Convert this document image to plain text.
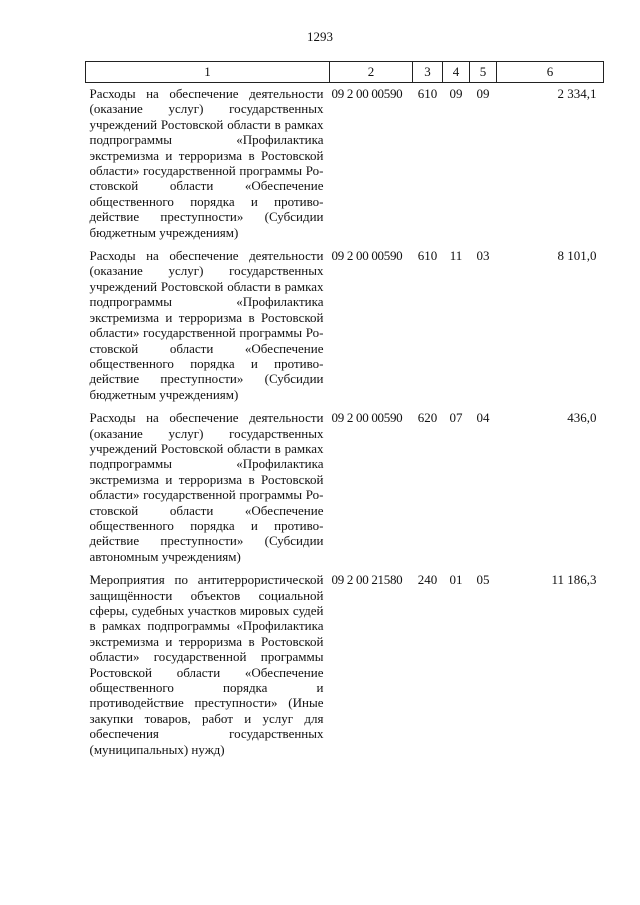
1293
1	2	3	4	5	6
Расходы на обеспечение деятельности (оказание услуг) государственных учреждений Ростовской области в рамках подпрограммы «Профилактика экстремизма и терроризма в Ростовской области» государственной программы Ростовской области «Обеспечение общественного порядка и противодействие преступности» (Субсидии бюджетным учреждениям)	09 2 00 00590	610	09	09	2 334,1
Расходы на обеспечение деятельности (оказание услуг) государственных учреждений Ростовской области в рамках подпрограммы «Профилактика экстремизма и терроризма в Ростовской области» государственной программы Ростовской области «Обеспечение общественного порядка и противодействие преступности» (Субсидии бюджетным учреждениям)	09 2 00 00590	610	11	03	8 101,0
Расходы на обеспечение деятельности (оказание услуг) государственных учреждений Ростовской области в рамках подпрограммы «Профилактика экстремизма и терроризма в Ростовской области» государственной программы Ростовской области «Обеспечение общественного порядка и противодействие преступности» (Субсидии автономным учреждениям)	09 2 00 00590	620	07	04	436,0
Мероприятия по антитеррористической защищённости объектов социальной сферы, судебных участков мировых судей в рамках подпрограммы «Профилактика экстремизма и терроризма в Ростовской области» государственной программы Ростовской области «Обеспечение общественного порядка и противодействие преступности» (Иные закупки товаров, работ и услуг для обеспечения государственных (муниципальных) нужд)	09 2 00 21580	240	01	05	11 186,3
